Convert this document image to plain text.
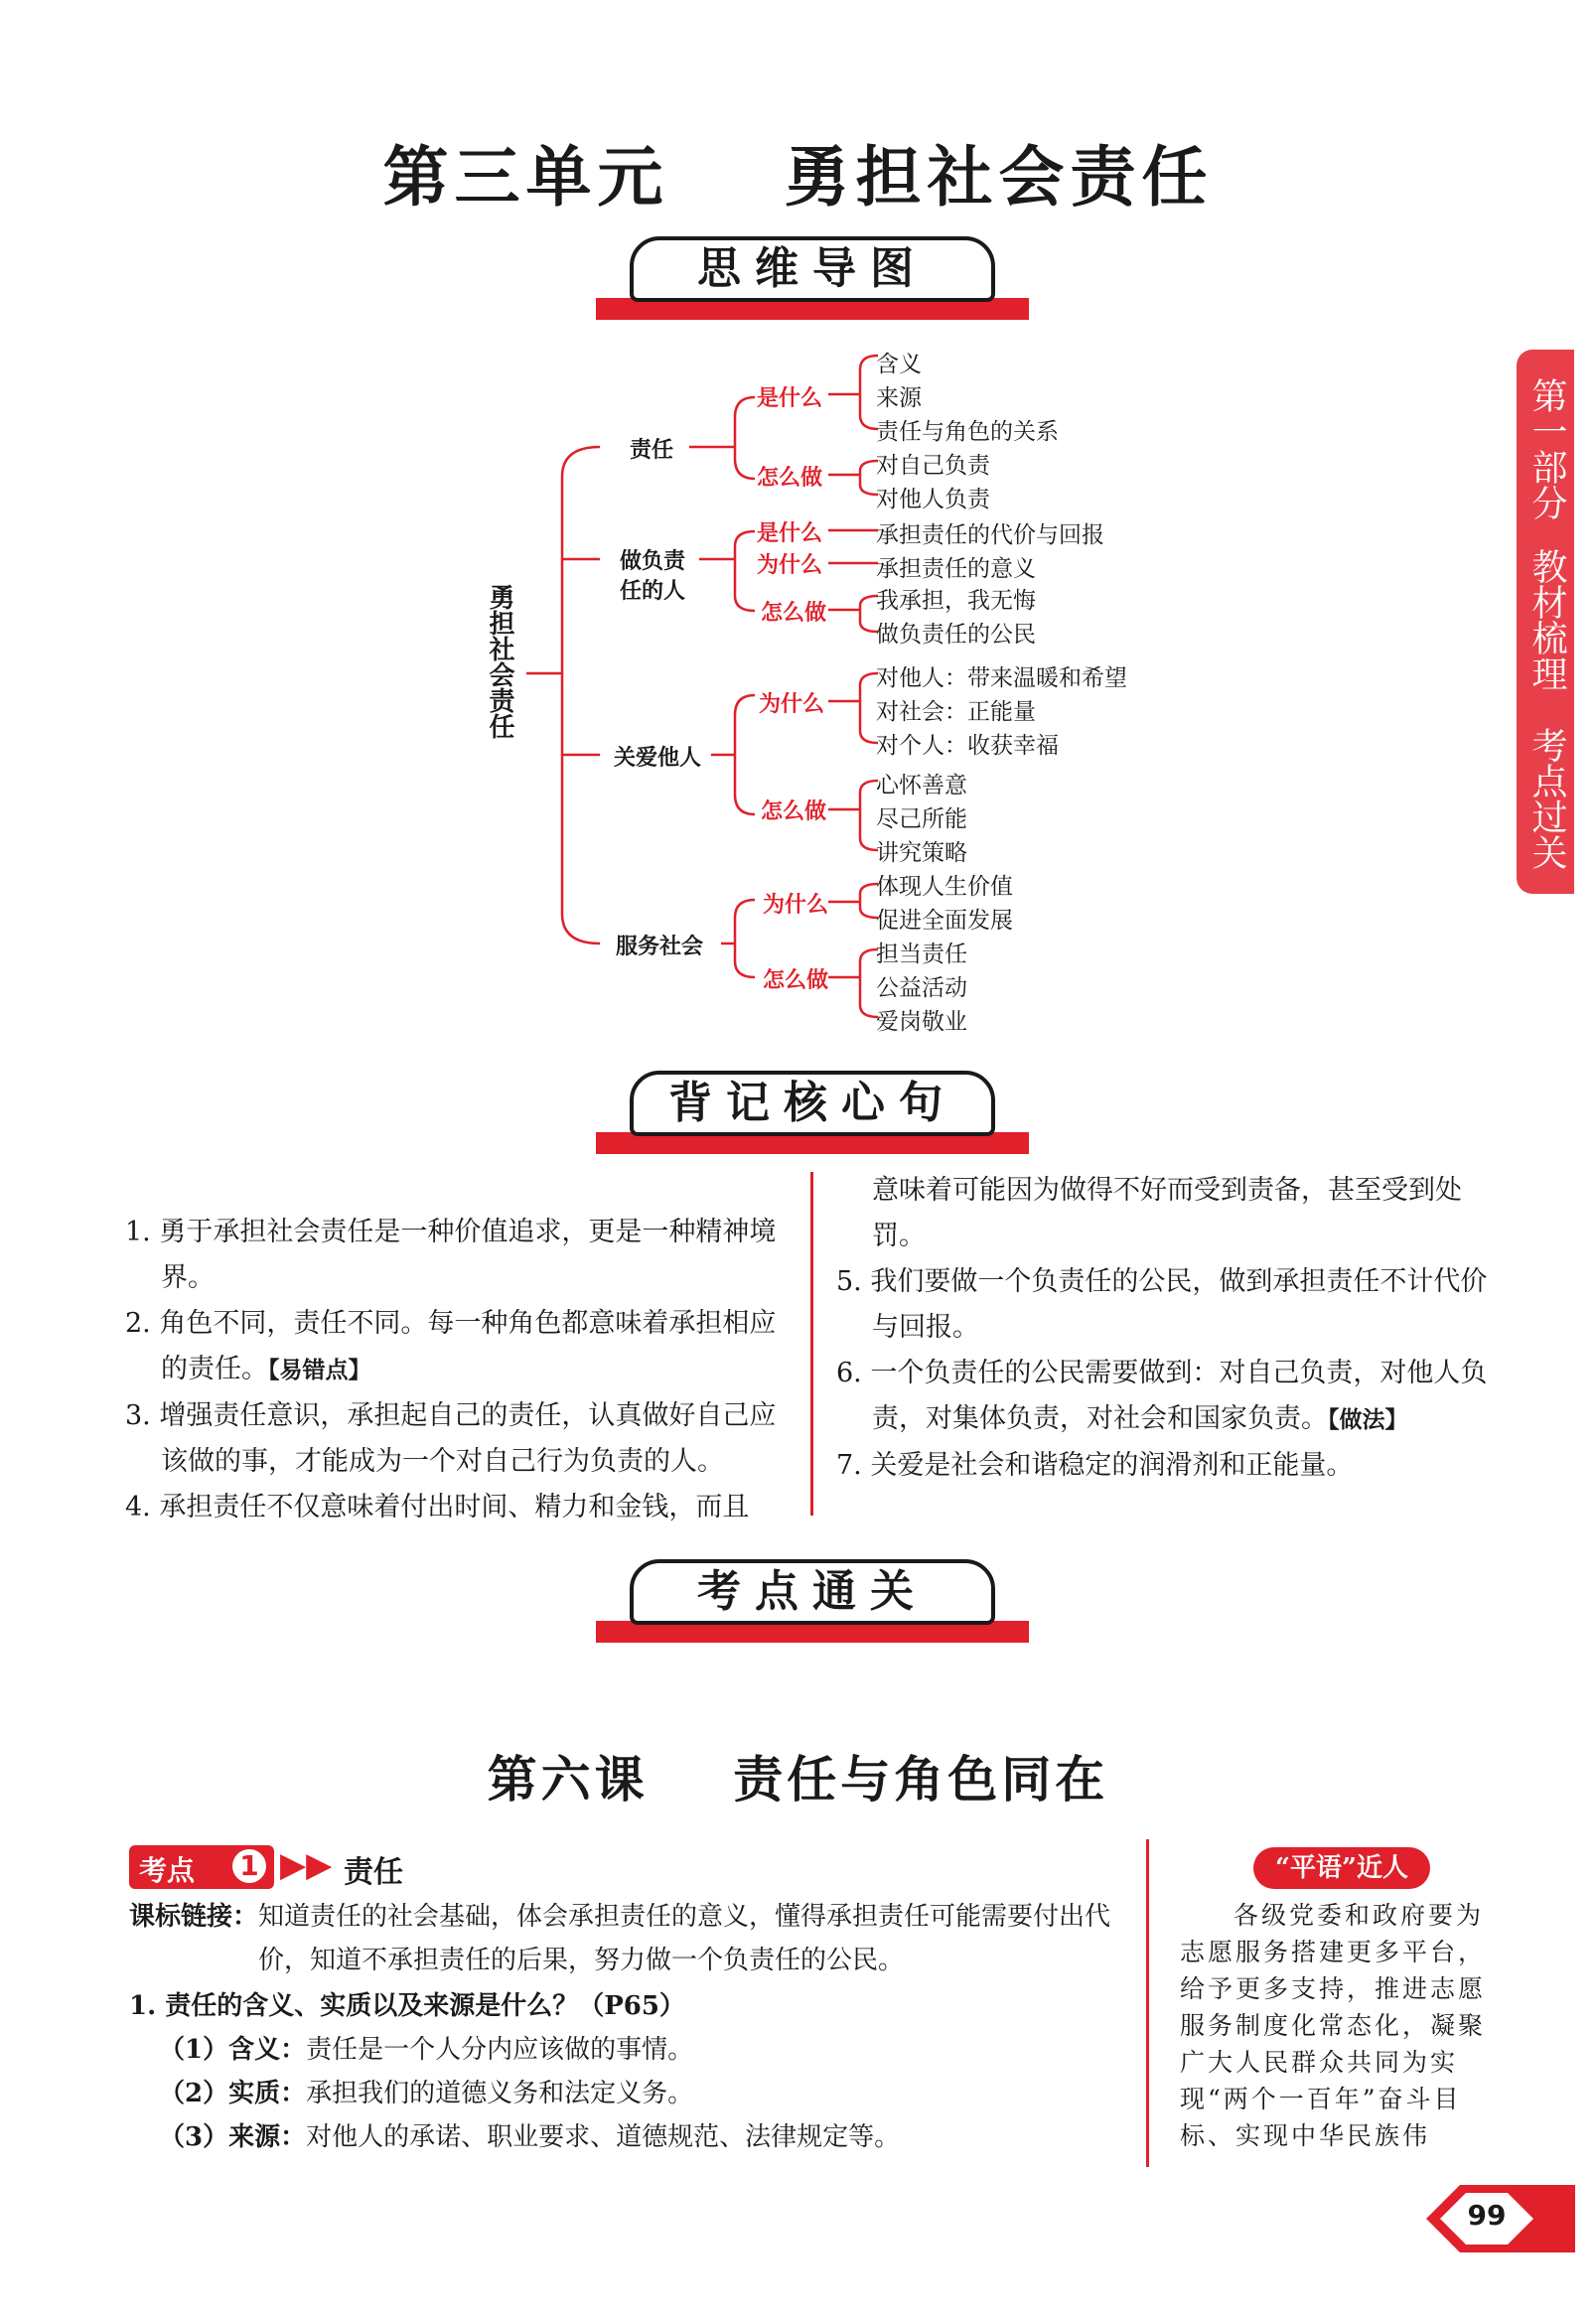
第三单元    勇担社会责任
第一部分
教材梳理
考点过关
思维导图
勇担社会责任
责任
是什么
含义
来源
责任与角色的关系
怎么做 对自己负责
对他人负责
做负责
任的人
是什么 承担责任的代价与回报
为什么 承担责任的意义
怎么做 我承担，我无悔
做负责任的公民
关爱他人
为什么
对他人：带来温暖和希望
对社会：正能量
对个人：收获幸福
怎么做
心怀善意
尽己所能
讲究策略
服务社会
为什么
体现人生价值
促进全面发展
怎么做
担当责任
公益活动
爱岗敬业
背记核心句

1. 勇于承担社会责任是一种价值追求，更是一种精神境界。

2. 角色不同，责任不同。每一种角色都意味着承担相应的责任。【易错点】

3. 增强责任意识，承担起自己的责任，认真做好自己应该做的事，才能成为一个对自己行为负责的人。

4. 承担责任不仅意味着付出时间、精力和金钱，而且

意味着可能因为做得不好而受到责备，甚至受到处罚。

5. 我们要做一个负责任的公民，做到承担责任不计代价与回报。

6. 一个负责任的公民需要做到：对自己负责，对他人负责，对集体负责，对社会和国家负责。【做法】

7. 关爱是社会和谐稳定的润滑剂和正能量。

考点通关
第六课    责任与角色同在
考点 1 ▶▶ 责任
课标链接：知道责任的社会基础，体会承担责任的意义，懂得承担责任可能需要付出代价，知道不承担责任的后果，努力做一个负责任的公民。
1. 责任的含义、实质以及来源是什么？（P65）
（1）含义：责任是一个人分内应该做的事情。
（2）实质：承担我们的道德义务和法定义务。
（3）来源：对他人的承诺、职业要求、道德规范、法律规定等。
“平语”近人
各级党委和政府要为志愿服务搭建更多平台，给予更多支持，推进志愿服务制度化常态化，凝聚广大人民群众共同为实现“两个一百年”奋斗目标、实现中华民族伟
99
